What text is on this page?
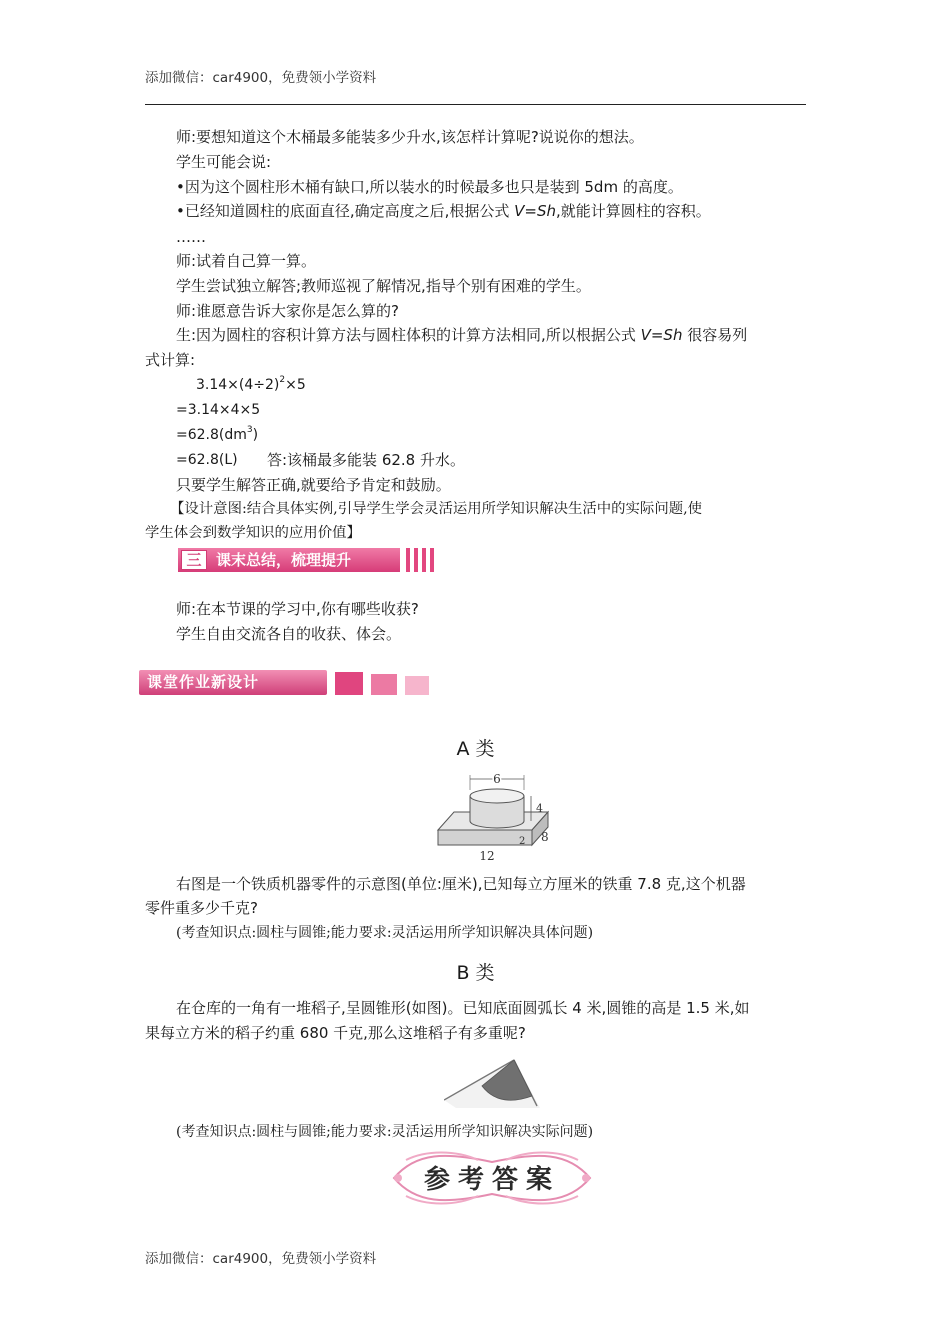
添加微信：car4900，免费领小学资料
师:要想知道这个木桶最多能装多少升水,该怎样计算呢?说说你的想法。
学生可能会说:
•因为这个圆柱形木桶有缺口,所以装水的时候最多也只是装到 5dm 的高度。
•已经知道圆柱的底面直径,确定高度之后,根据公式 V=Sh,就能计算圆柱的容积。
……
师:试着自己算一算。
学生尝试独立解答;教师巡视了解情况,指导个别有困难的学生。
师:谁愿意告诉大家你是怎么算的?
生:因为圆柱的容积计算方法与圆柱体积的计算方法相同,所以根据公式 V=Sh 很容易列
式计算:
$3.14\times(4\div 2)^2\times 5$
=3.14×4×5
$=62.8(dm^3)$
=62.8(L) 答:该桶最多能装 62.8 升水。
只要学生解答正确,就要给予肯定和鼓励。
【设计意图:结合具体实例,引导学生学会灵活运用所学知识解决生活中的实际问题,使
学生体会到数学知识的应用价值】
三 课末总结，梳理提升
师:在本节课的学习中,你有哪些收获?
学生自由交流各自的收获、体会。
课堂作业新设计
A 类
6
4
2 8
12
右图是一个铁质机器零件的示意图(单位:厘米),已知每立方厘米的铁重 7.8 克,这个机器
零件重多少千克?
(考查知识点:圆柱与圆锥;能力要求:灵活运用所学知识解决具体问题)
B 类
在仓库的一角有一堆稻子,呈圆锥形(如图)。已知底面圆弧长 4 米,圆锥的高是 1.5 米,如
果每立方米的稻子约重 680 千克,那么这堆稻子有多重呢?
(考查知识点:圆柱与圆锥;能力要求:灵活运用所学知识解决实际问题)
参考答案
添加微信：car4900，免费领小学资料
